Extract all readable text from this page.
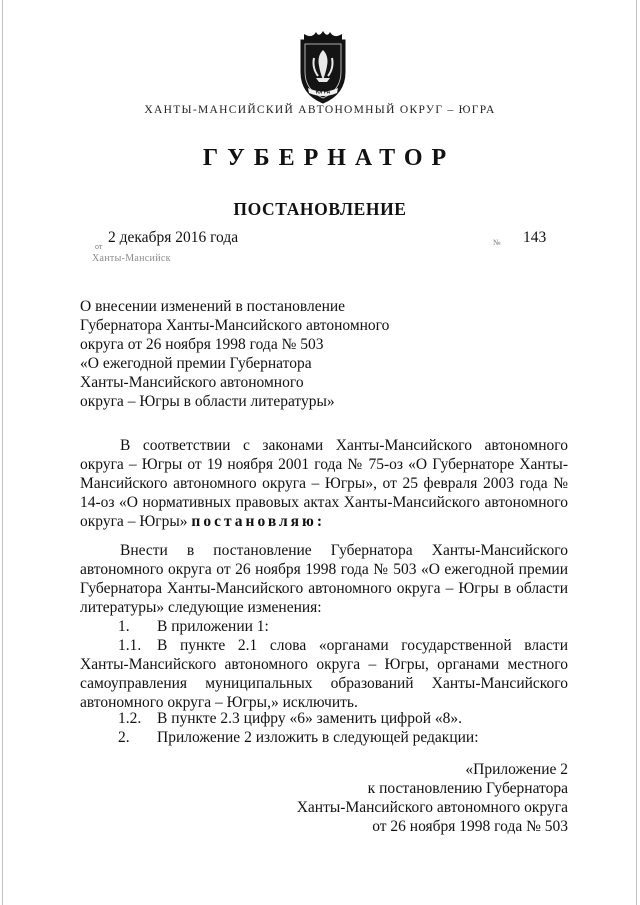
ЮГРА
ХАНТЫ-МАНСИЙСКИЙ АВТОНОМНЫЙ ОКРУГ – ЮГРА
ГУБЕРНАТОР
ПОСТАНОВЛЕНИЕ
от
2 декабря 2016 года	№ 143
Ханты-Мансийск
О внесении изменений в постановление
Губернатора Ханты-Мансийского автономного
округа от 26 ноября 1998 года № 503
«О ежегодной премии Губернатора
Ханты-Мансийского автономного
округа – Югры в области литературы»

В соответствии с законами Ханты-Мансийского автономного округа – Югры от 19 ноября 2001 года № 75-оз «О Губернаторе Ханты-Мансийского автономного округа – Югры», от 25 февраля 2003 года № 14-оз «О нормативных правовых актах Ханты-Мансийского автономного округа – Югры» постановляю:

Внести в постановление Губернатора Ханты-Мансийского автономного округа от 26 ноября 1998 года № 503 «О ежегодной премии Губернатора Ханты-Мансийского автономного округа – Югры в области литературы» следующие изменения:

1.	В приложении 1:
1.1.	В пункте 2.1 слова «органами государственной власти Ханты-Мансийского автономного округа – Югры, органами местного самоуправления муниципальных образований Ханты-Мансийского автономного округа – Югры,» исключить.
1.2.	В пункте 2.3 цифру «6» заменить цифрой «8».
2.	Приложение 2 изложить в следующей редакции:
«Приложение 2
к постановлению Губернатора
Ханты-Мансийского автономного округа
от 26 ноября 1998 года № 503
